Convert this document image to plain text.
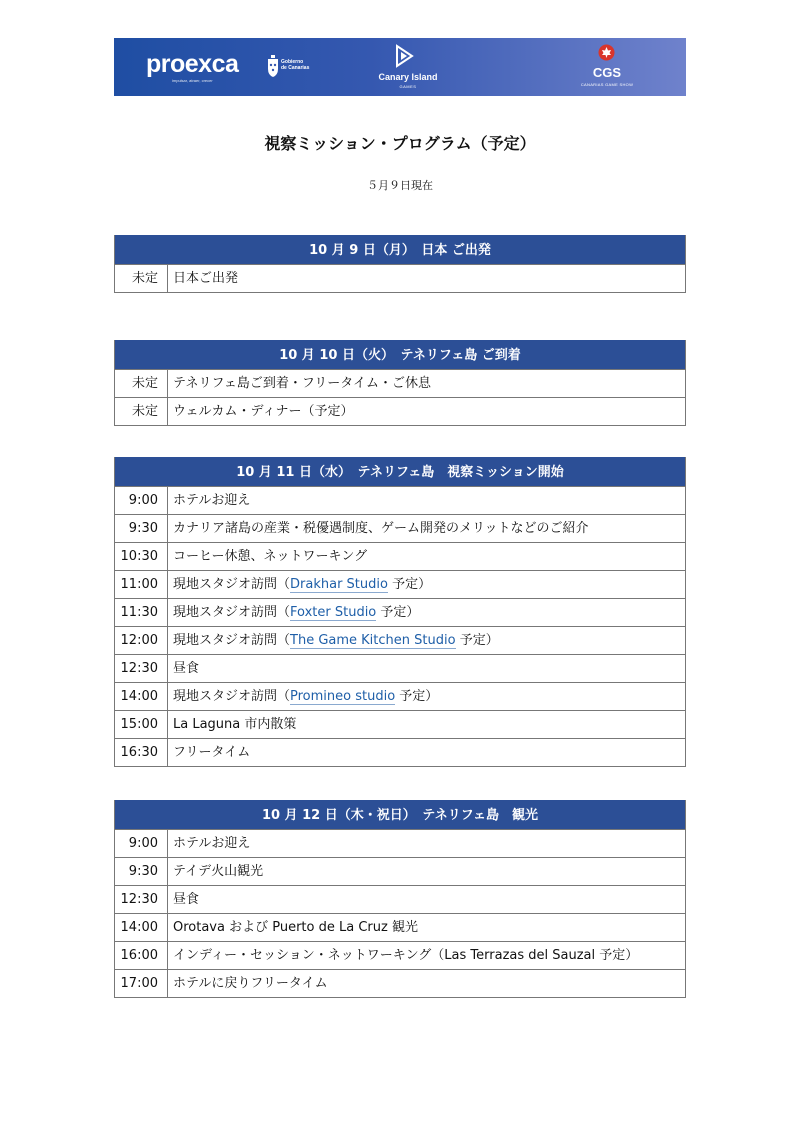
proexca
impulsar, atraer, crecer
Gobierno
de Canarias
Canary Island
GAMES
CGS
CANARIAS GAME SHOW
視察ミッション・プログラム（予定）
５月９日現在
10 月 9 日（月）　日本 ご出発
未定	日本ご出発
10 月 10 日（火）　テネリフェ島 ご到着
未定	テネリフェ島ご到着・フリータイム・ご休息
未定	ウェルカム・ディナー（予定）
10 月 11 日（水）　テネリフェ島　視察ミッション開始
9:00	ホテルお迎え
9:30	カナリア諸島の産業・税優遇制度、ゲーム開発のメリットなどのご紹介
10:30	コーヒー休憩、ネットワーキング
11:00	現地スタジオ訪問（Drakhar Studio 予定）
11:30	現地スタジオ訪問（Foxter Studio 予定）
12:00	現地スタジオ訪問（The Game Kitchen Studio 予定）
12:30	昼食
14:00	現地スタジオ訪問（Promineo studio 予定）
15:00	La Laguna 市内散策
16:30	フリータイム
10 月 12 日（木・祝日）　テネリフェ島　観光
9:00	ホテルお迎え
9:30	テイデ火山観光
12:30	昼食
14:00	Orotava および Puerto de La Cruz 観光
16:00	インディー・セッション・ネットワーキング（Las Terrazas del Sauzal 予定）
17:00	ホテルに戻りフリータイム
